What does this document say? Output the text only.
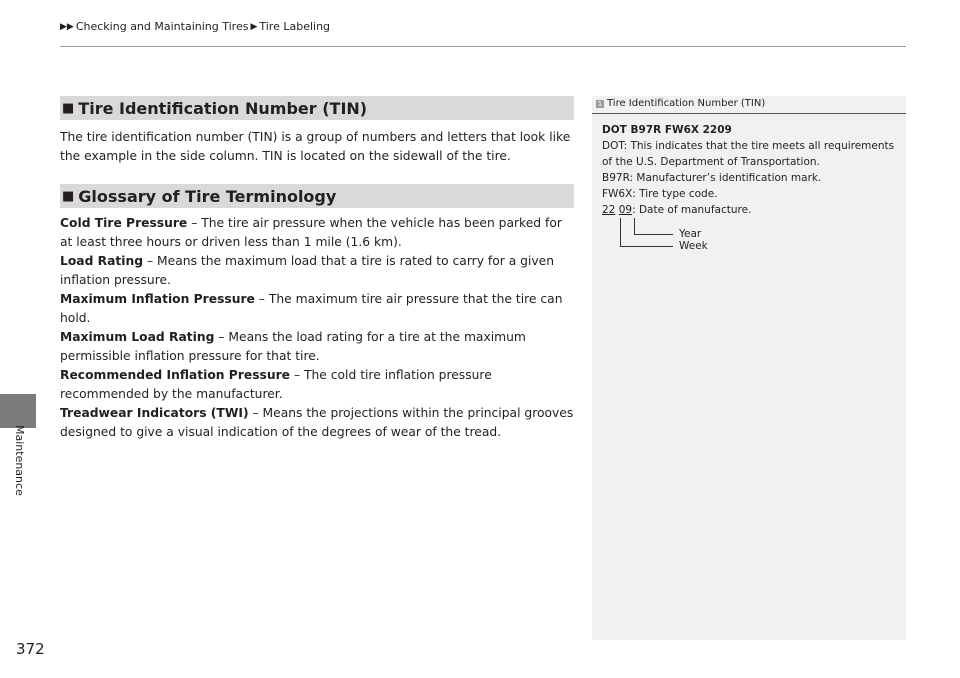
▶▶ Checking and Maintaining Tires ▶ Tire Labeling
Maintenance
372
■ Tire Identification Number (TIN)

The tire identification number (TIN) is a group of numbers and letters that look like the example in the side column. TIN is located on the sidewall of the tire.

■ Glossary of Tire Terminology

Cold Tire Pressure – The tire air pressure when the vehicle has been parked for at least three hours or driven less than 1 mile (1.6 km).

Load Rating – Means the maximum load that a tire is rated to carry for a given inflation pressure.

Maximum Inflation Pressure – The maximum tire air pressure that the tire can hold.

Maximum Load Rating – Means the load rating for a tire at the maximum permissible inflation pressure for that tire.

Recommended Inflation Pressure – The cold tire inflation pressure recommended by the manufacturer.

Treadwear Indicators (TWI) – Means the projections within the principal grooves designed to give a visual indication of the degrees of wear of the tread.

1 Tire Identification Number (TIN)
DOT B97R FW6X 2209
DOT: This indicates that the tire meets all requirements of the U.S. Department of Transportation.
B97R: Manufacturer’s identification mark.
FW6X: Tire type code.
22 09: Date of manufacture.
Year
Week
